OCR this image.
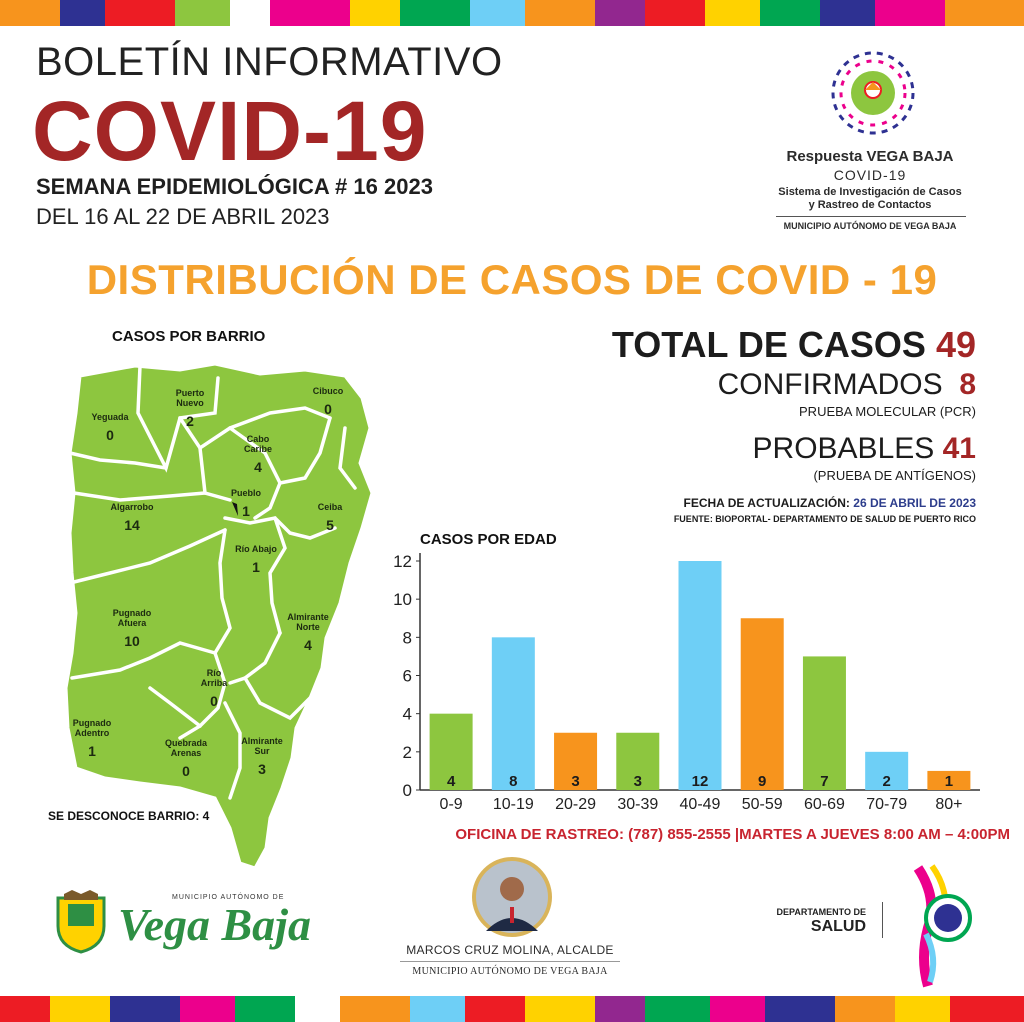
BOLETÍN INFORMATIVO
COVID-19
SEMANA EPIDEMIOLÓGICA # 16 2023
DEL 16 AL 22 DE ABRIL 2023
Respuesta VEGA BAJA
COVID-19
Sistema de Investigación de Casos
y Rastreo de Contactos
MUNICIPIO AUTÓNOMO DE VEGA BAJA
DISTRIBUCIÓN DE CASOS DE COVID - 19
CASOS POR BARRIO
Yeguada
0
Puerto
Nuevo
2
Cibuco
0
Cabo
Caribe
4
Algarrobo
14
Pueblo
1	Ceiba
5
Río Abajo
1
Pugnado
Afuera
10
Almirante
Norte
4
Río
Arriba
0
Pugnado
Adentro
1	Quebrada
Arenas
0
Almirante
Sur
3
SE DESCONOCE BARRIO: 4
TOTAL DE CASOS 49
CONFIRMADOS 8
PRUEBA MOLECULAR (PCR)
PROBABLES 41
(PRUEBA DE ANTÍGENOS)
FECHA DE ACTUALIZACIÓN: 26 DE ABRIL DE 2023
FUENTE: BIOPORTAL- DEPARTAMENTO DE SALUD DE PUERTO RICO
CASOS POR EDAD
0
2
4
6
8
10
12
4
0-9
8
10-19
3
20-29
3
30-39
12
40-49
9
50-59
7
60-69
2
70-79
1
80+
OFICINA DE RASTREO: (787) 855-2555 |MARTES A JUEVES 8:00 AM – 4:00PM
MUNICIPIO AUTÓNOMO DE
Vega Baja	MARCOS CRUZ MOLINA, ALCALDE
MUNICIPIO AUTÓNOMO DE VEGA BAJA
DEPARTAMENTO DE
SALUD
